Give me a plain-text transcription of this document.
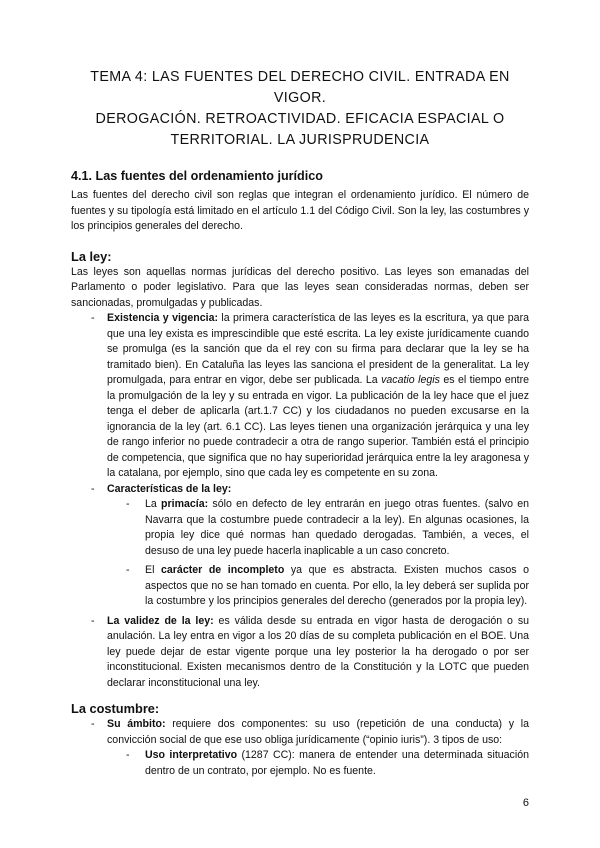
TEMA 4: LAS FUENTES DEL DERECHO CIVIL. ENTRADA EN VIGOR.
DEROGACIÓN. RETROACTIVIDAD. EFICACIA ESPACIAL O
TERRITORIAL. LA JURISPRUDENCIA
4.1. Las fuentes del ordenamiento jurídico

Las fuentes del derecho civil son reglas que integran el ordenamiento jurídico. El número de fuentes y su tipología está limitado en el artículo 1.1 del Código Civil. Son la ley, las costumbres y los principios generales del derecho.

La ley:

Las leyes son aquellas normas jurídicas del derecho positivo. Las leyes son emanadas del Parlamento o poder legislativo. Para que las leyes sean consideradas normas, deben ser sancionadas, promulgadas y publicadas.

- Existencia y vigencia: la primera característica de las leyes es la escritura, ya que para que una ley exista es imprescindible que esté escrita. La ley existe jurídicamente cuando se promulga (es la sanción que da el rey con su firma para declarar que la ley se ha tramitado bien). En Cataluña las leyes las sanciona el president de la generalitat. La ley promulgada, para entrar en vigor, debe ser publicada. La vacatio legis es el tiempo entre la promulgación de la ley y su entrada en vigor. La publicación de la ley hace que el juez tenga el deber de aplicarla (art.1.7 CC) y los ciudadanos no pueden excusarse en la ignorancia de la ley (art. 6.1 CC). Las leyes tienen una organización jerárquica y una ley de rango inferior no puede contradecir a otra de rango superior. También está el principio de competencia, que significa que no hay superioridad jerárquica entre la ley aragonesa y la catalana, por ejemplo, sino que cada ley es competente en su zona.
- Características de la ley:
- La primacía: sólo en defecto de ley entrarán en juego otras fuentes. (salvo en Navarra que la costumbre puede contradecir a la ley). En algunas ocasiones, la propia ley dice qué normas han quedado derogadas. También, a veces, el desuso de una ley puede hacerla inaplicable a un caso concreto.
- El carácter de incompleto ya que es abstracta. Existen muchos casos o aspectos que no se han tomado en cuenta. Por ello, la ley deberá ser suplida por la costumbre y los principios generales del derecho (generados por la propia ley).
- La validez de la ley: es válida desde su entrada en vigor hasta de derogación o su anulación. La ley entra en vigor a los 20 días de su completa publicación en el BOE. Una ley puede dejar de estar vigente porque una ley posterior la ha derogado o por ser inconstitucional. Existen mecanismos dentro de la Constitución y la LOTC que pueden declarar inconstitucional una ley.
La costumbre:
- Su ámbito: requiere dos componentes: su uso (repetición de una conducta) y la convicción social de que ese uso obliga jurídicamente (“opinio iuris”). 3 tipos de uso:
- Uso interpretativo (1287 CC): manera de entender una determinada situación dentro de un contrato, por ejemplo. No es fuente.
6
